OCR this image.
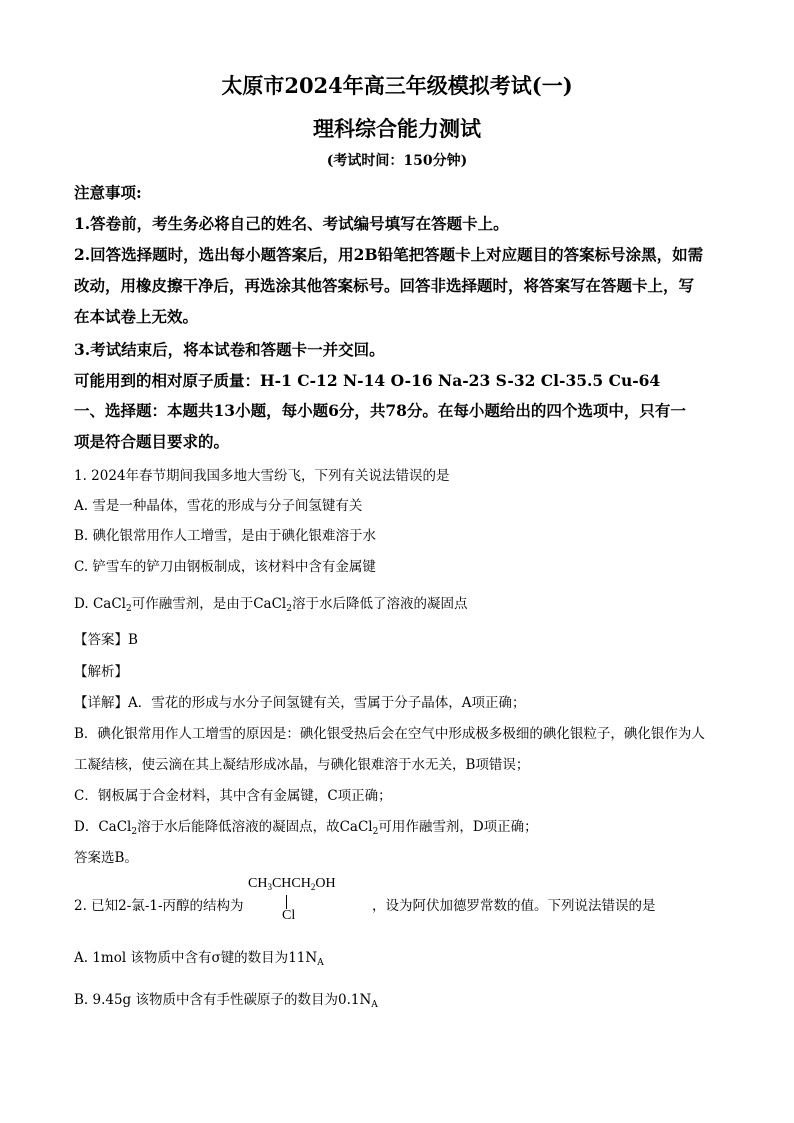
太原市2024年高三年级模拟考试(一)
理科综合能力测试
(考试时间：150分钟)
注意事项:
1.答卷前，考生务必将自己的姓名、考试编号填写在答题卡上。
2.回答选择题时，选出每小题答案后，用2B铅笔把答题卡上对应题目的答案标号涂黑，如需
改动，用橡皮擦干净后，再选涂其他答案标号。回答非选择题时，将答案写在答题卡上，写
在本试卷上无效。
3.考试结束后，将本试卷和答题卡一并交回。
可能用到的相对原子质量：H-1 C-12 N-14 O-16 Na-23 S-32 Cl-35.5 Cu-64
一、选择题：本题共13小题，每小题6分，共78分。在每小题给出的四个选项中，只有一
项是符合题目要求的。
1. 2024年春节期间我国多地大雪纷飞，下列有关说法错误的是
A. 雪是一种晶体，雪花的形成与分子间氢键有关
B. 碘化银常用作人工增雪，是由于碘化银难溶于水
C. 铲雪车的铲刀由钢板制成，该材料中含有金属键
D. CaCl$_2$可作融雪剂，是由于CaCl$_2$溶于水后降低了溶液的凝固点
【答案】B
【解析】
【详解】A．雪花的形成与水分子间氢键有关，雪属于分子晶体，A项正确；
B．碘化银常用作人工增雪的原因是：碘化银受热后会在空气中形成极多极细的碘化银粒子，碘化银作为人
工凝结核，使云滴在其上凝结形成冰晶，与碘化银难溶于水无关，B项错误；
C．钢板属于合金材料，其中含有金属键，C项正确；
D．CaCl$_2$溶于水后能降低溶液的凝固点，故CaCl$_2$可用作融雪剂，D项正确；
答案选B。
2. 已知2-氯-1-丙醇的结构为
$CH_3CHCH_2OH$
Cl
，设为阿伏加德罗常数的值。下列说法错误的是
A. 1mol 该物质中含有σ键的数目为$11N_A$
B. 9.45g 该物质中含有手性碳原子的数目为$0.1N_A$
